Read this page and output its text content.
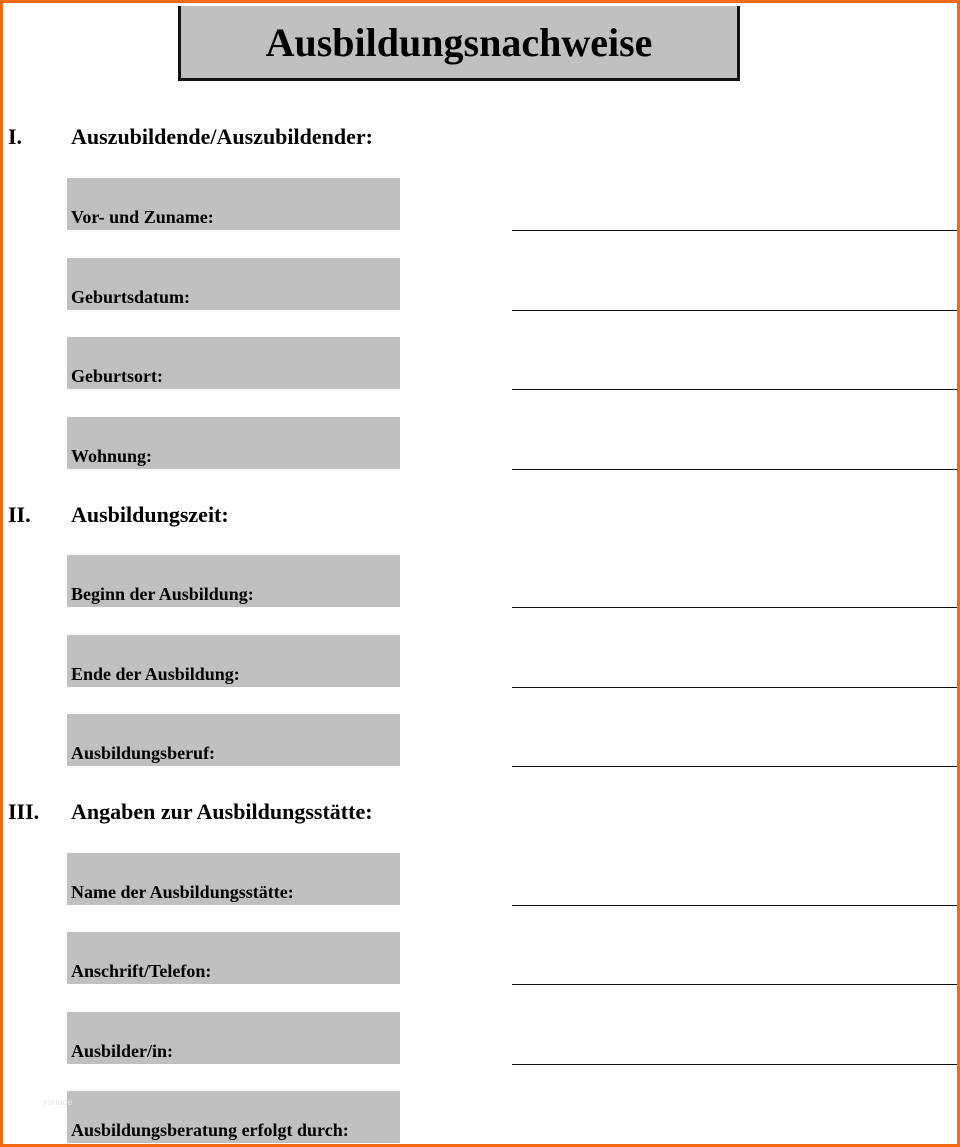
Ausbildungsnachweise
I. Auszubildende/Auszubildender:
Vor- und Zuname:
Geburtsdatum:
Geburtsort:
Wohnung:
II. Ausbildungszeit:
Beginn der Ausbildung:
Ende der Ausbildung:
Ausbildungsberuf:
III. Angaben zur Ausbildungsstätte:
Name der Ausbildungsstätte:
Anschrift/Telefon:
Ausbilder/in:
Ausbildungsberatung erfolgt durch:
vorlage
